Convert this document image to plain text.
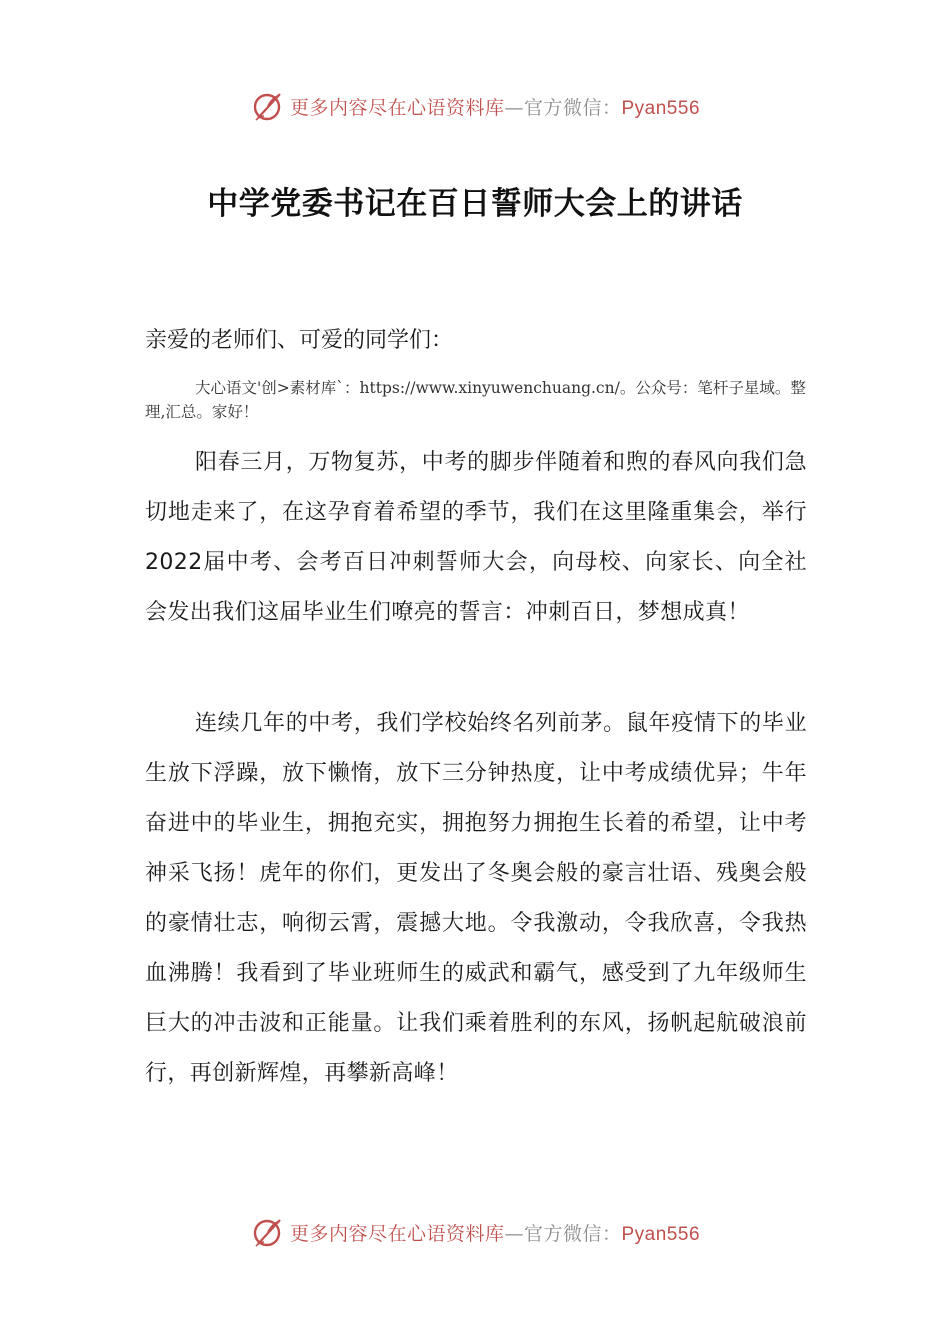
更多内容尽在心语资料库—官方微信：Pyan556
中学党委书记在百日誓师大会上的讲话
亲爱的老师们、可爱的同学们：
大心语文'创>素材库`：https://www.xinyuwenchuang.cn/。公众号：笔杆子星域。整理,汇总。家好！
阳春三月，万物复苏，中考的脚步伴随着和煦的春风向我们急切地走来了，在这孕育着希望的季节，我们在这里隆重集会，举行2022届中考、会考百日冲刺誓师大会，向母校、向家长、向全社会发出我们这届毕业生们嘹亮的誓言：冲刺百日，梦想成真！
连续几年的中考，我们学校始终名列前茅。鼠年疫情下的毕业生放下浮躁，放下懒惰，放下三分钟热度，让中考成绩优异；牛年奋进中的毕业生，拥抱充实，拥抱努力拥抱生长着的希望，让中考神采飞扬！虎年的你们，更发出了冬奥会般的豪言壮语、残奥会般的豪情壮志，响彻云霄，震撼大地。令我激动，令我欣喜，令我热血沸腾！我看到了毕业班师生的威武和霸气，感受到了九年级师生巨大的冲击波和正能量。让我们乘着胜利的东风，扬帆起航破浪前行，再创新辉煌，再攀新高峰！
更多内容尽在心语资料库—官方微信：Pyan556
